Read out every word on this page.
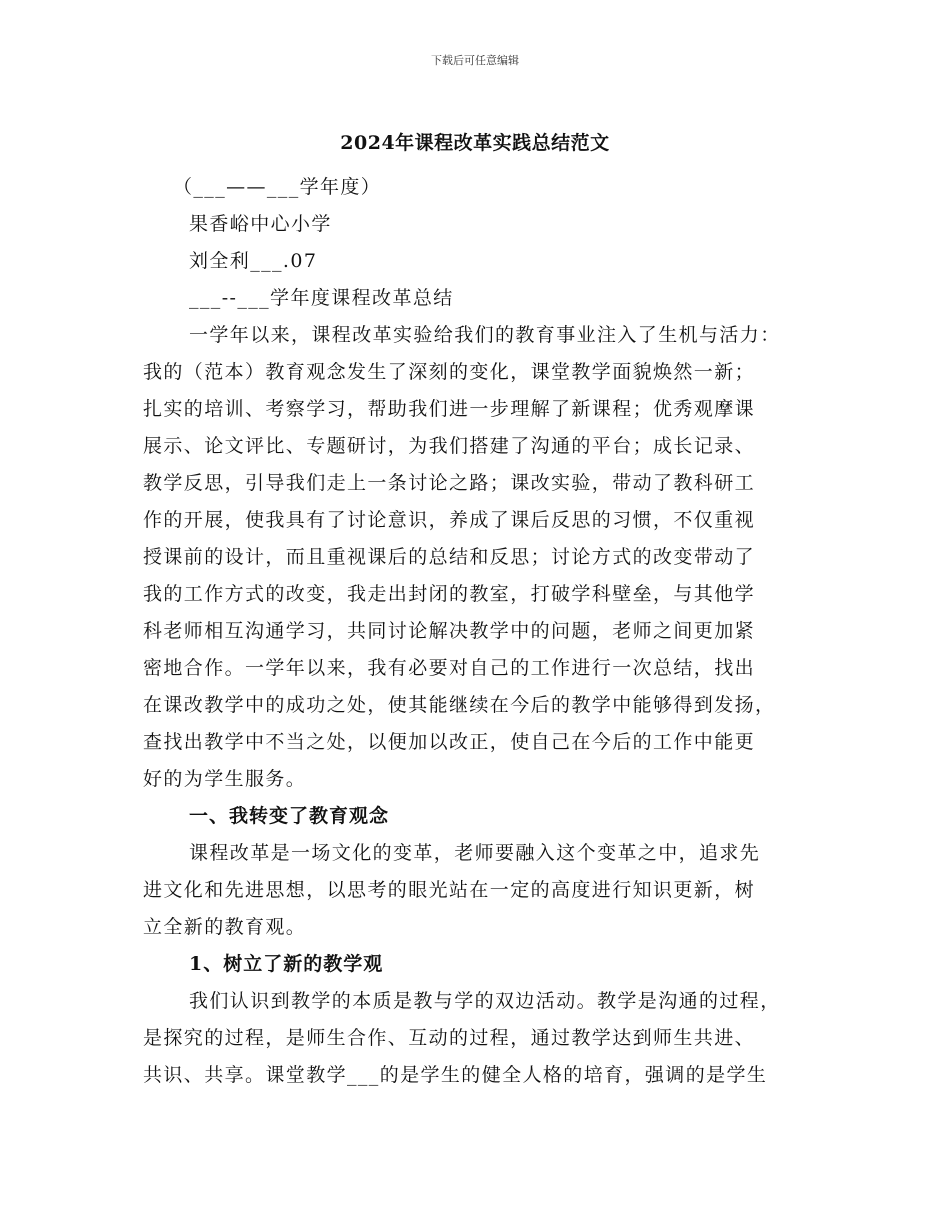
下载后可任意编辑
2024年课程改革实践总结范文
（___——___学年度）
果香峪中心小学
刘全利___.07
___--___学年度课程改革总结
一学年以来，课程改革实验给我们的教育事业注入了生机与活力：
我的（范本）教育观念发生了深刻的变化，课堂教学面貌焕然一新；
扎实的培训、考察学习，帮助我们进一步理解了新课程；优秀观摩课
展示、论文评比、专题研讨，为我们搭建了沟通的平台；成长记录、
教学反思，引导我们走上一条讨论之路；课改实验，带动了教科研工
作的开展，使我具有了讨论意识，养成了课后反思的习惯，不仅重视
授课前的设计，而且重视课后的总结和反思；讨论方式的改变带动了
我的工作方式的改变，我走出封闭的教室，打破学科壁垒，与其他学
科老师相互沟通学习，共同讨论解决教学中的问题，老师之间更加紧
密地合作。一学年以来，我有必要对自己的工作进行一次总结，找出
在课改教学中的成功之处，使其能继续在今后的教学中能够得到发扬，
查找出教学中不当之处，以便加以改正，使自己在今后的工作中能更
好的为学生服务。
一、我转变了教育观念
课程改革是一场文化的变革，老师要融入这个变革之中，追求先
进文化和先进思想，以思考的眼光站在一定的高度进行知识更新，树
立全新的教育观。
1、树立了新的教学观
我们认识到教学的本质是教与学的双边活动。教学是沟通的过程，
是探究的过程，是师生合作、互动的过程，通过教学达到师生共进、
共识、共享。课堂教学___的是学生的健全人格的培育，强调的是学生
